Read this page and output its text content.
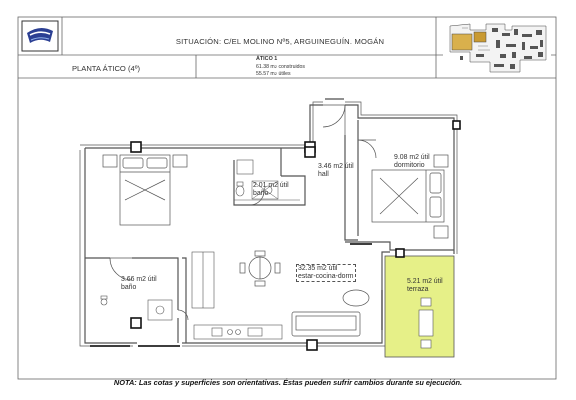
SITUACIÓN: C/EL MOLINO Nº5, ARGUINEGUÍN. MOGÁN
PLANTA ÁTICO (4º)
ÁTICO 1
61.38 $m^2$ construidos
55.57 $m^2$ útiles
3.46 m2 útil
hall
9.08 m2 útil
dormitorio
2.01 m2 útil
baño
32.35 m2 útil
estar-cocina-dorm
3.66 m2 útil
baño
5.21 m2 útil
terraza
NOTA: Las cotas y superficies son orientativas. Éstas pueden sufrir cambios durante su ejecución.
